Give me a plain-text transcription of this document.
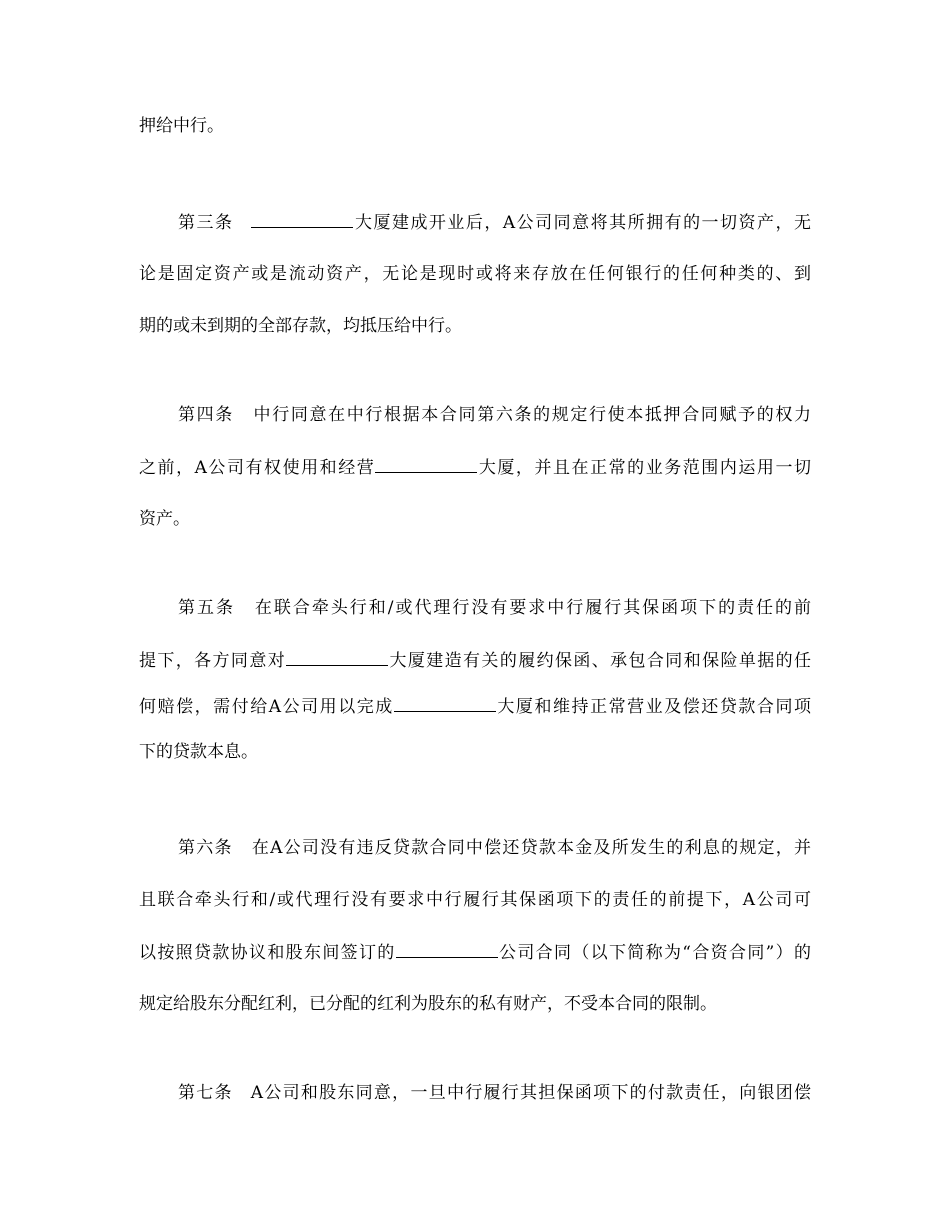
押给中行。
第三条	大厦建成开业后，A公司同意将其所拥有的一切资产，无
论是固定资产或是流动资产，无论是现时或将来存放在任何银行的任何种类的、到
期的或未到期的全部存款，均抵压给中行。
第四条 中行同意在中行根据本合同第六条的规定行使本抵押合同赋予的权力
之前，A公司有权使用和经营	大厦，并且在正常的业务范围内运用一切
资产。
第五条 在联合牵头行和/或代理行没有要求中行履行其保函项下的责任的前
提下，各方同意对	大厦建造有关的履约保函、承包合同和保险单据的任
何赔偿，需付给A公司用以完成	大厦和维持正常营业及偿还贷款合同项
下的贷款本息。
第六条 在A公司没有违反贷款合同中偿还贷款本金及所发生的利息的规定，并
且联合牵头行和/或代理行没有要求中行履行其保函项下的责任的前提下，A公司可
以按照贷款协议和股东间签订的	公司合同（以下简称为“合资合同”）的
规定给股东分配红利，已分配的红利为股东的私有财产，不受本合同的限制。
第七条 A公司和股东同意，一旦中行履行其担保函项下的付款责任，向银团偿
